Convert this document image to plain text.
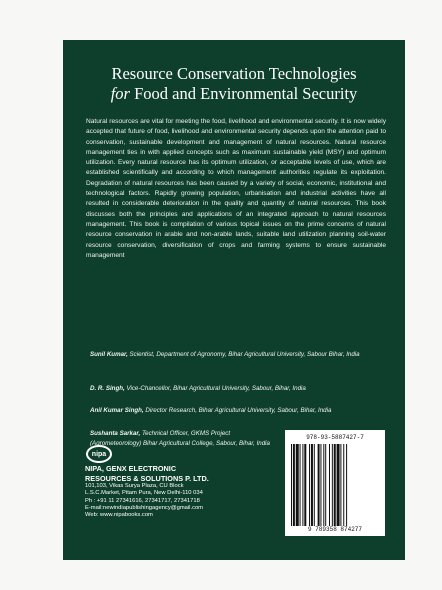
Resource Conservation Technologies
for Food and Environmental Security

Natural resources are vital for meeting the food, livelihood and environmental security. It is now widely accepted that future of food, livelihood and environmental security depends upon the attention paid to conservation, sustainable development and management of natural resources. Natural resource management ties in with applied concepts such as maximum sustainable yield (MSY) and optimum utilization. Every natural resource has its optimum utilization, or acceptable levels of use, which are established scientifically and according to which management authorities regulate its exploitation. Degradation of natural resources has been caused by a variety of social, economic, institutional and technological factors. Rapidly growing population, urbanisation and industrial activities have all resulted in considerable deterioration in the quality and quantity of natural resources. This book discusses both the principles and applications of an integrated approach to natural resources management. This book is compilation of various topical issues on the prime concerns of natural resource conservation in arable and non-arable lands, suitable land utilization planning soil-water resource conservation, diversification of crops and farming systems to ensure sustainable management

Sunil Kumar, Scientist, Department of Agronomy, Bihar Agricultural University, Sabour Bihar, India

D. R. Singh, Vice-Chancellor, Bihar Agricultural University, Sabour, Bihar, India

Anil Kumar Singh, Director Research, Bihar Agricultural University, Sabour, Bihar, India

Sushanta Sarkar, Technical Officer, GKMS Project (Agrometeorology) Bihar Agricultural College, Sabour, Bihar, India

nipa
NIPA, GENX ELECTRONIC
RESOURCES & SOLUTIONS P. LTD.
101,103, Vikas Surya Plaza, CU Block
L.S.C.Market, Pitam Pura, New Delhi-110 034
Ph : +91 11 27341616, 27341717, 27341718
E-mail:newindiapublishingagency@gmail.com
Web: www.nipabooks.com
978-93-5887427-7
9 789358 874277
